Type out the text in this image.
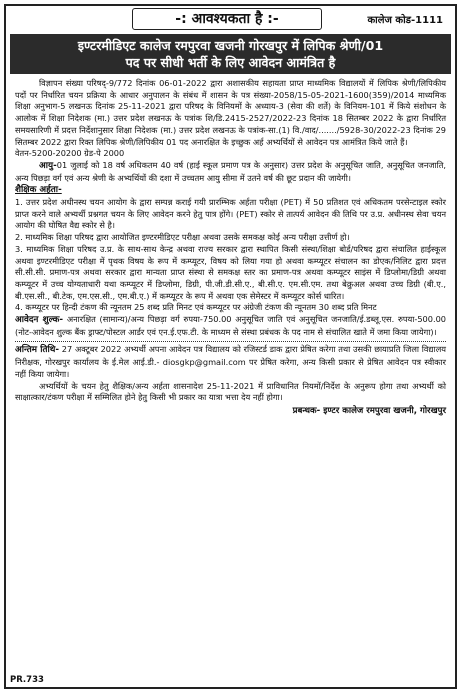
-: आवश्यकता है :-	कालेज कोड-1111
इण्टरमीडिएट कालेज रमपुरवा खजनी गोरखपुर में लिपिक श्रेणी/01
पद पर सीधी भर्ती के लिए आवेदन आमंत्रित है

विज्ञापन संख्या परिषद्-9/772 दिनांक 06-01-2022 द्वारा अशासकीय सहायता प्राप्त माध्यमिक विद्यालयों में लिपिक श्रेणी/लिपिकीय पदों पर निर्धारित चयन प्रक्रिया के आधार अनुपालन के संबंध में शासन के पत्र संख्या-2058/15-05-2021-1600(359)/2014 माध्यमिक शिक्षा अनुभाग-5 लखनऊ दिनांक 25-11-2021 द्वारा परिषद के विनियमों के अध्याय-3 (सेवा की शर्ते) के विनियम-101 में किये संशोधन के आलोक में शिक्षा निदेशक (मा.) उत्तर प्रदेश लखनऊ के पत्रांक शि/डि.2415-2527/2022-23 दिनांक 18 सितम्बर 2022 के द्वारा निर्धारित समयसारिणी में प्रदत्त निर्देशानुसार शिक्षा निदेशक (मा.) उत्तर प्रदेश लखनऊ के पत्रांक-सा.(1) वि./वाद/......./5928-30/2022-23 दिनांक 29 सितम्बर 2022 द्वारा रिक्त लिपिक श्रेणी/लिपिकीय 01 पद अनारक्षित के इच्छुक अर्ह अभ्यर्थियों से आवेदन पत्र आमंत्रित किये जाते हैं।

वेतन-5200-20200 ग्रेड-पे 2000

आयु-01 जुलाई को 18 वर्ष अधिकतम 40 वर्ष (हाई स्कूल प्रमाण पत्र के अनुसार) उत्तर प्रदेश के अनुसूचित जाति, अनुसूचित जनजाति, अन्य पिछड़ा वर्ग एवं अन्य श्रेणी के अभ्यर्थियों की दशा में उच्चतम आयु सीमा में उतने वर्ष की छूट प्रदान की जायेगी।

शैक्षिक अर्हता-

1. उत्तर प्रदेश अधीनस्थ चयन आयोग के द्वारा सम्पन्न कराई गयी प्रारम्भिक अर्हता परीक्षा (PET) में 50 प्रतिशत एवं अधिकतम परसेन्टाइल स्कोर प्राप्त करने वाले अभ्यर्थी प्रश्नगत चयन के लिए आवेदन करने हेतु पात्र होंगे। (PET) स्कोर से तात्पर्य आवेदन की तिथि पर उ.प्र. अधीनस्थ सेवा चयन आयोग की घोषित वैद्य स्कोर से है।

2. माध्यमिक शिक्षा परिषद द्वारा आयोजित इण्टरमीडिएट परीक्षा अथवा उसके समकक्ष कोई अन्य परीक्षा उत्तीर्ण हो।

3. माध्यमिक शिक्षा परिषद उ.प्र. के साथ-साथ केन्द्र अथवा राज्य सरकार द्वारा स्थापित किसी संस्था/शिक्षा बोर्ड/परिषद द्वारा संचालित हाईस्कूल अथवा इण्टरमीडिएट परीक्षा में पृथक विषय के रूप में कम्प्यूटर, विषय को लिया गया हो अथवा कम्प्यूटर संचालन का डोएक/निलिट द्वारा प्रदत्त सी.सी.सी. प्रमाण-पत्र अथवा सरकार द्वारा मान्यता प्राप्त संस्था से समकक्ष स्तर का प्रमाण-पत्र अथवा कम्प्यूटर साइंस में डिप्लोमा/डिग्री अथवा कम्प्यूटर में उच्च योग्यताधारी यथा कम्प्यूटर में डिप्लोमा, डिग्री, पी.जी.डी.सी.ए., बी.सी.ए. एम.सी.एम. तथा बेक्रुअल अथवा उच्च डिग्री (बी.ए., बी.एस.सी., बी.टेक, एम.एस.सी., एम.बी.ए.) में कम्प्यूटर के रूप में अथवा एक सेमेस्टर में कम्प्यूटर कोर्स धारित।

4. कम्प्यूटर पर हिन्दी टंकण की न्यूनतम 25 शब्द प्रति मिनट एवं कम्प्यूटर पर अंग्रेजी टंकण की न्यूनतम 30 शब्द प्रति मिनट

आवेदन शुल्क- अनारक्षित (सामान्य)/अन्य पिछड़ा वर्ग रुपया-750.00 अनुसूचित जाति एवं अनुसूचित जनजाति/ई.डब्लू.एस. रुपया-500.00 (नोट-आवेदन शुल्क बैंक ड्राफ्ट/पोस्टल आर्डर एवं एन.ई.एफ.टी. के माध्यम से संस्था प्रबंधक के पद नाम से संचालित खाते में जमा किया जायेगा)।

अन्तिम तिथि- 27 अक्टूबर 2022 अभ्यर्थी अपना आवेदन पत्र विद्यालय को रजिस्टर्ड डाक द्वारा प्रेषित करेगा तथा उसकी छायाप्रति जिला विद्यालय निरीक्षक, गोरखपुर कार्यालय के ई.मेल आई.डी.- diosgkp@gmail.com पर प्रेषित करेगा, अन्य किसी प्रकार से प्रेषित आवेदन पत्र स्वीकार नहीं किया जायेगा।

अभ्यर्थियों के चयन हेतु शैक्षिक/अन्य अर्हता शासनादेश 25-11-2021 में प्राविधानित नियमों/निर्देश के अनुरूप होगा तथा अभ्यर्थी को साक्षात्कार/टंकण परीक्षा में सम्मिलित होने हेतु किसी भी प्रकार का यात्रा भत्ता देय नहीं होगा।

प्रबन्धक- इण्टर कालेज रमपुरवा खजनी, गोरखपुर
PR.733
